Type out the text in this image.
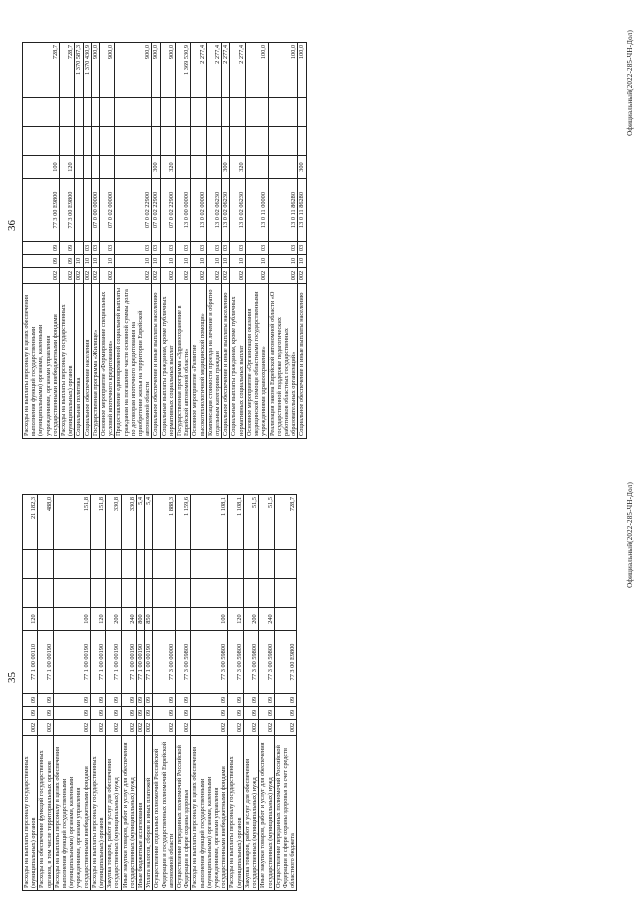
35
Расходы на выплаты персоналу государственных (муниципальных) органов	002	09	09	77 1 00 00110	120			21 182,3
Расходы на обеспечение функций государственных органов, в том числе территориальных органов	002	09	09	77 1 00 00190				488,0
Расходы на выплаты персоналу в целях обеспечения выполнения функций государственными (муниципальными) органами, казенными учреждениями, органами управления государственными внебюджетными фондами	002	09	09	77 1 00 00190	100			151,8
Расходы на выплаты персоналу государственных (муниципальных) органов	002	09	09	77 1 00 00190	120			151,8
Закупка товаров, работ и услуг для обеспечения государственных (муниципальных) нужд	002	09	09	77 1 00 00190	200			330,8
Иные закупки товаров, работ и услуг для обеспечения государственных (муниципальных) нужд	002	09	09	77 1 00 00190	240			330,8
Иные бюджетные ассигнования	002	09	09	77 1 00 00190	800			5,4
Уплата налогов, сборов и иных платежей	002	09	09	77 1 00 00190	850			5,4
Осуществление отдельных полномочий Российской Федерации и государственных полномочий Еврейской автономной области	002	09	09	77 3 00 00000				1 888,3
Осуществление переданных полномочий Российской Федерации в сфере охраны здоровья	002	09	09	77 3 00 59800				1 159,6
Расходы на выплаты персоналу в целях обеспечения выполнения функций государственными (муниципальными) органами, казенными учреждениями, органами управления государственными внебюджетными фондами	002	09	09	77 3 00 59800	100			1 108,1
Расходы на выплаты персоналу государственных (муниципальных) органов	002	09	09	77 3 00 59800	120			1 108,1
Закупка товаров, работ и услуг для обеспечения государственных (муниципальных) нужд	002	09	09	77 3 00 59800	200			51,5
Иные закупки товаров, работ и услуг для обеспечения государственных (муниципальных) нужд	002	09	09	77 3 00 59800	240			51,5
Осуществление переданных полномочий Российской Федерации в сфере охраны здоровья за счет средств областного бюджета	002	09	09	77 3 00 E9800				728,7	Официальный(2022-285-ЧН-Дол)
36
Расходы на выплаты персоналу в целях обеспечения выполнения функций государственными (муниципальными) органами, казенными учреждениями, органами управления государственными внебюджетными фондами	002	09	09	77 3 00 E9800	100			728,7
Расходы на выплаты персоналу государственных (муниципальных) органов	002	09	09	77 3 00 E9800	120			728,7
Социальная политика	002	10						1 370 587,3
Социальное обеспечение населения	002	10	03					1 370 430,9
Государственная программа «Жилище»	002	10	03	07 0 00 00000				900,0
Основное мероприятие «Формирование специальных условий ипотечного кредитования»	002	10	03	07 0 02 00000				900,0
Предоставление единовременной социальной выплаты гражданам на погашение части основной суммы долга по договорам ипотечного кредитования на приобретение жилья на территории Еврейской автономной области	002	10	03	07 0 02 22900				900,0
Социальное обеспечение и иные выплаты населению	002	10	03	07 0 02 22900	300			900,0
Социальные выплаты гражданам, кроме публичных нормативных социальных выплат	002	10	03	07 0 02 22900	320			900,0
Государственная программа «Здравоохранение в Еврейской автономной области»	002	10	03	13 0 00 00000				1 369 530,9
Основное мероприятие «Развитие высокотехнологичной медицинской помощи»	002	10	03	13 0 02 00000				2 277,4
Компенсация стоимости проезда на лечение и обратно отдельным категориям граждан	002	10	03	13 0 02 06230				2 277,4
Социальное обеспечение и иные выплаты населению	002	10	03	13 0 02 06230	300			2 277,4
Социальные выплаты гражданам, кроме публичных нормативных социальных выплат	002	10	03	13 0 02 06230	320			2 277,4
Основное мероприятие «Организация оказания медицинской помощи областными государственными учреждениями здравоохранения»	002	10	03	13 0 11 00000				100,0
Реализация закона Еврейской автономной области «О государственной поддержке педагогических работников областных государственных образовательных организаций»	002	10	03	13 0 11 86280				100,0
Социальное обеспечение и иные выплаты населению	002	10	03	13 0 11 86280	300			100,0	Официальный(2022-285-ЧН-Дол)
